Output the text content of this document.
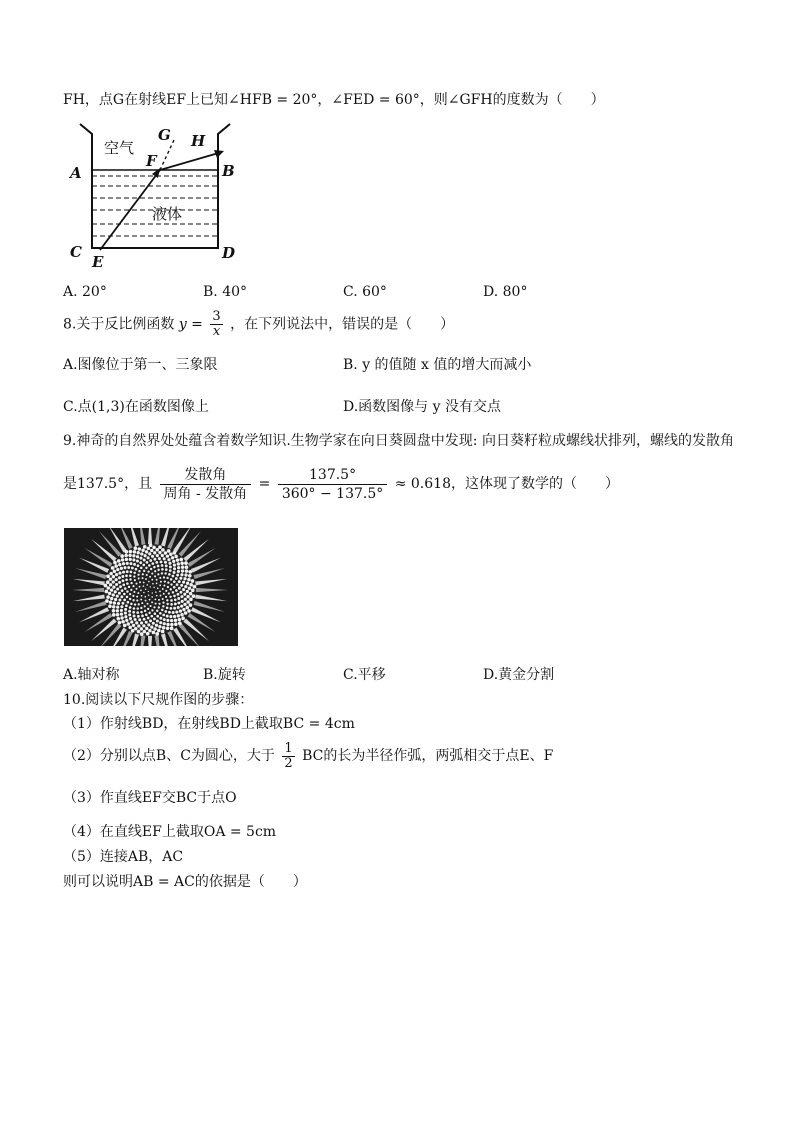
FH，点G在射线EF上已知∠HFB = 20°，∠FED = 60°，则∠GFH的度数为（　　）
空气
液体
A	B
C	D
E
F
G H
A. 20°	B. 40°	C. 60°	D. 80°
8.关于反比例函数 $y = \frac{3}{x}$ ，在下列说法中，错误的是（　　）
A.图像位于第一、三象限	B. y 的值随 x 值的增大而减小
C.点(1,3)在函数图像上	D.函数图像与 y 没有交点
9.神奇的自然界处处蕴含着数学知识.生物学家在向日葵圆盘中发现: 向日葵籽粒成螺线状排列，螺线的发散角
是137.5°，且 $\frac{\text{发散角}}{\text{周角 - 发散角}} = \frac{137.5^\circ}{360^\circ - 137.5^\circ} \approx 0.618$，这体现了数学的（　　）
A.轴对称	B.旋转	C.平移	D.黄金分割
10.阅读以下尺规作图的步骤：
（1）作射线BD，在射线BD上截取BC = 4cm
（2）分别以点B、C为圆心，大于 $\frac{1}{2}$ BC的长为半径作弧，两弧相交于点E、F
（3）作直线EF交BC于点O
（4）在直线EF上截取OA = 5cm
（5）连接AB，AC
则可以说明AB = AC的依据是（　　）
